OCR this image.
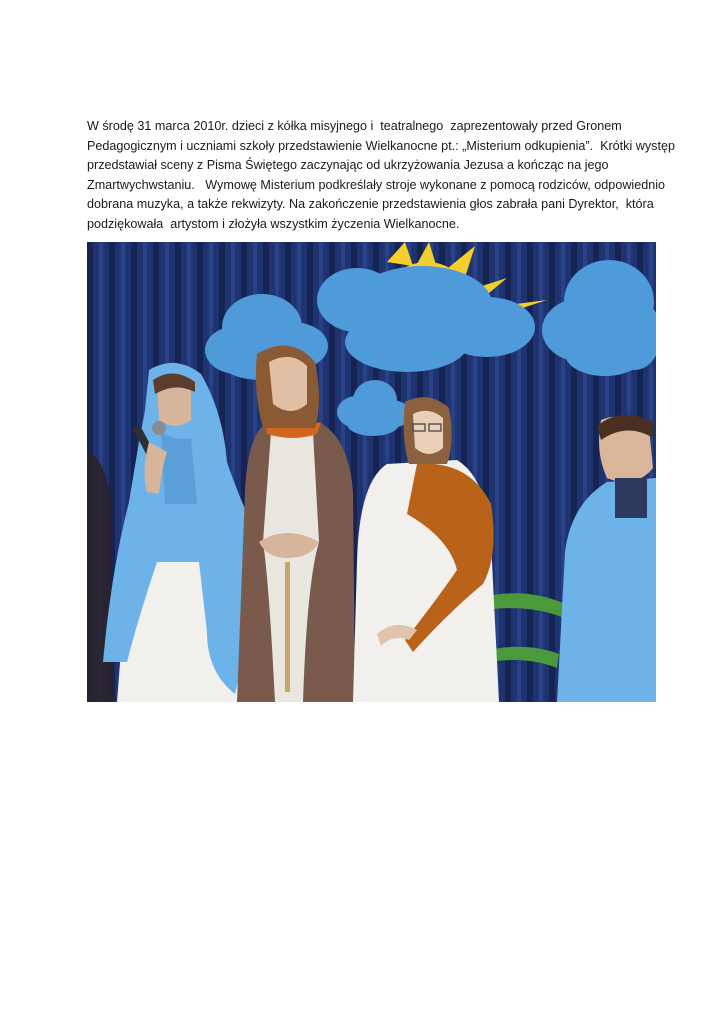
W środę 31 marca 2010r. dzieci z kółka misyjnego i  teatralnego  zaprezentowały przed Gronem
Pedagogicznym i uczniami szkoły przedstawienie Wielkanocne pt.: „Misterium odkupienia”.  Krótki występ
przedstawiał sceny z Pisma Świętego zaczynając od ukrzyżowania Jezusa a kończąc na jego
Zmartwychwstaniu.   Wymowę Misterium podkreślały stroje wykonane z pomocą rodziców, odpowiednio
dobrana muzyka, a także rekwizyty. Na zakończenie przedstawienia głos zabrała pani Dyrektor,  która
podziękowała  artystom i złożyła wszystkim życzenia Wielkanocne.
